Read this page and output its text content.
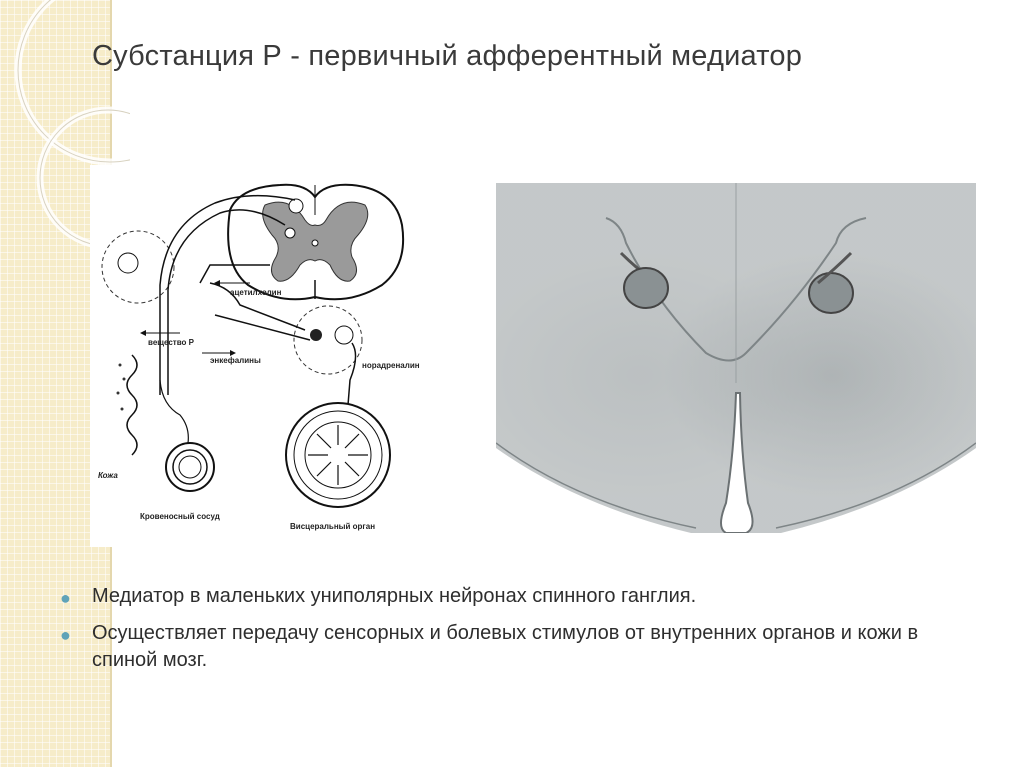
Субстанция Р - первичный афферентный медиатор
ацетилхолин
вещество Р
энкефалины
норадреналин
Кожа
Кровеносный сосуд
Висцеральный орган
● Медиатор в маленьких униполярных нейронах спинного ганглия.
● Осуществляет передачу сенсорных и болевых стимулов от внутренних органов и кожи в спиной мозг.
